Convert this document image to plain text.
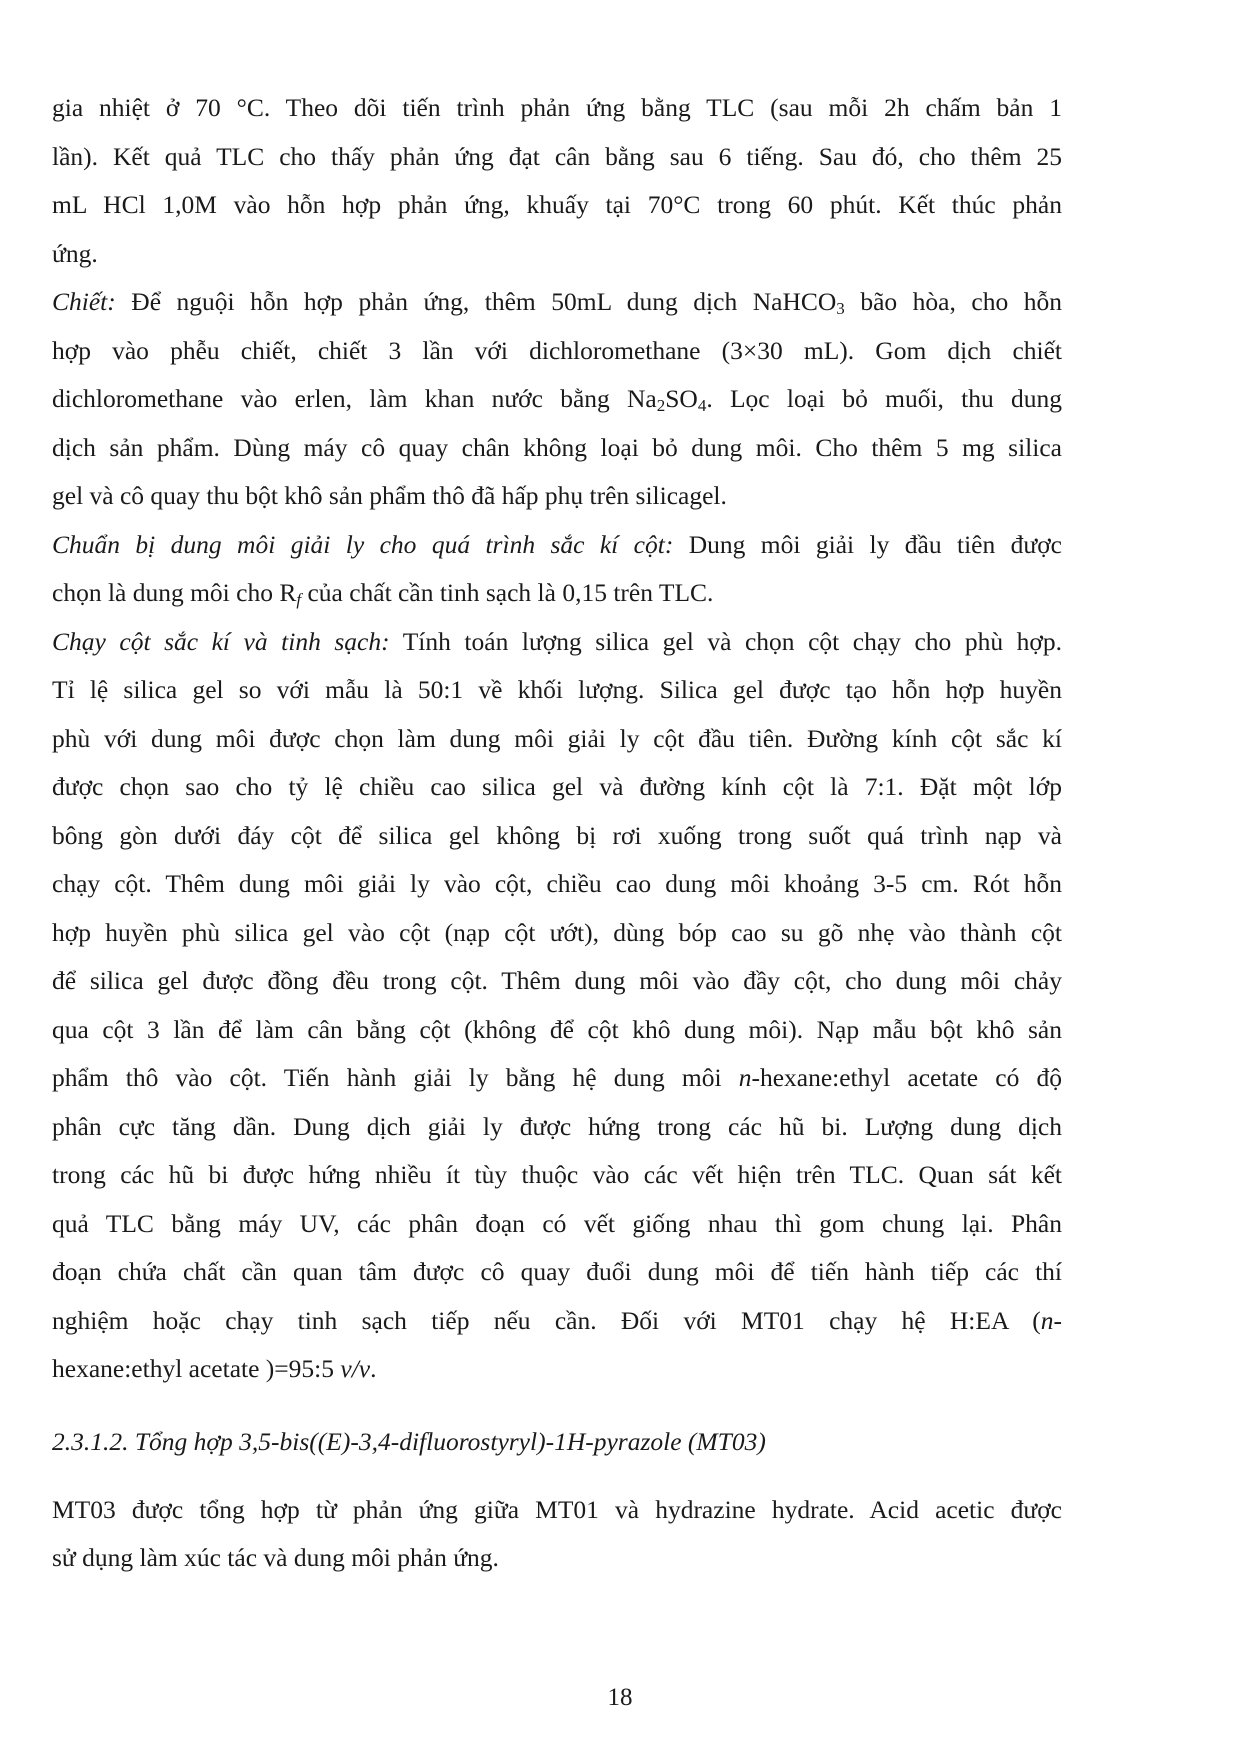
gia nhiệt ở 70 °C. Theo dõi tiến trình phản ứng bằng TLC (sau mỗi 2h chấm bản 1
lần). Kết quả TLC cho thấy phản ứng đạt cân bằng sau 6 tiếng. Sau đó, cho thêm 25
mL HCl 1,0M vào hỗn hợp phản ứng, khuấy tại 70°C trong 60 phút. Kết thúc phản
ứng.
Chiết: Để nguội hỗn hợp phản ứng, thêm 50mL dung dịch NaHCO$_3$ bão hòa, cho hỗn
hợp vào phễu chiết, chiết 3 lần với dichloromethane (3×30 mL). Gom dịch chiết
dichloromethane vào erlen, làm khan nước bằng $Na_2SO_4$. Lọc loại bỏ muối, thu dung
dịch sản phẩm. Dùng máy cô quay chân không loại bỏ dung môi. Cho thêm 5 mg silica
gel và cô quay thu bột khô sản phẩm thô đã hấp phụ trên silicagel.
Chuẩn bị dung môi giải ly cho quá trình sắc kí cột: Dung môi giải ly đầu tiên được
chọn là dung môi cho $R_f$ của chất cần tinh sạch là 0,15 trên TLC.
Chạy cột sắc kí và tinh sạch: Tính toán lượng silica gel và chọn cột chạy cho phù hợp.
Tỉ lệ silica gel so với mẫu là 50:1 về khối lượng. Silica gel được tạo hỗn hợp huyền
phù với dung môi được chọn làm dung môi giải ly cột đầu tiên. Đường kính cột sắc kí
được chọn sao cho tỷ lệ chiều cao silica gel và đường kính cột là 7:1. Đặt một lớp
bông gòn dưới đáy cột để silica gel không bị rơi xuống trong suốt quá trình nạp và
chạy cột. Thêm dung môi giải ly vào cột, chiều cao dung môi khoảng 3-5 cm. Rót hỗn
hợp huyền phù silica gel vào cột (nạp cột ướt), dùng bóp cao su gõ nhẹ vào thành cột
để silica gel được đồng đều trong cột. Thêm dung môi vào đầy cột, cho dung môi chảy
qua cột 3 lần để làm cân bằng cột (không để cột khô dung môi). Nạp mẫu bột khô sản
phẩm thô vào cột. Tiến hành giải ly bằng hệ dung môi n-hexane:ethyl acetate có độ
phân cực tăng dần. Dung dịch giải ly được hứng trong các hũ bi. Lượng dung dịch
trong các hũ bi được hứng nhiều ít tùy thuộc vào các vết hiện trên TLC. Quan sát kết
quả TLC bằng máy UV, các phân đoạn có vết giống nhau thì gom chung lại. Phân
đoạn chứa chất cần quan tâm được cô quay đuổi dung môi để tiến hành tiếp các thí
nghiệm hoặc chạy tinh sạch tiếp nếu cần. Đối với MT01 chạy hệ H:EA (n-
hexane:ethyl acetate )=95:5 v/v.
2.3.1.2. Tổng hợp 3,5-bis((E)-3,4-difluorostyryl)-1H-pyrazole (MT03)
MT03 được tổng hợp từ phản ứng giữa MT01 và hydrazine hydrate. Acid acetic được
sử dụng làm xúc tác và dung môi phản ứng.
18
